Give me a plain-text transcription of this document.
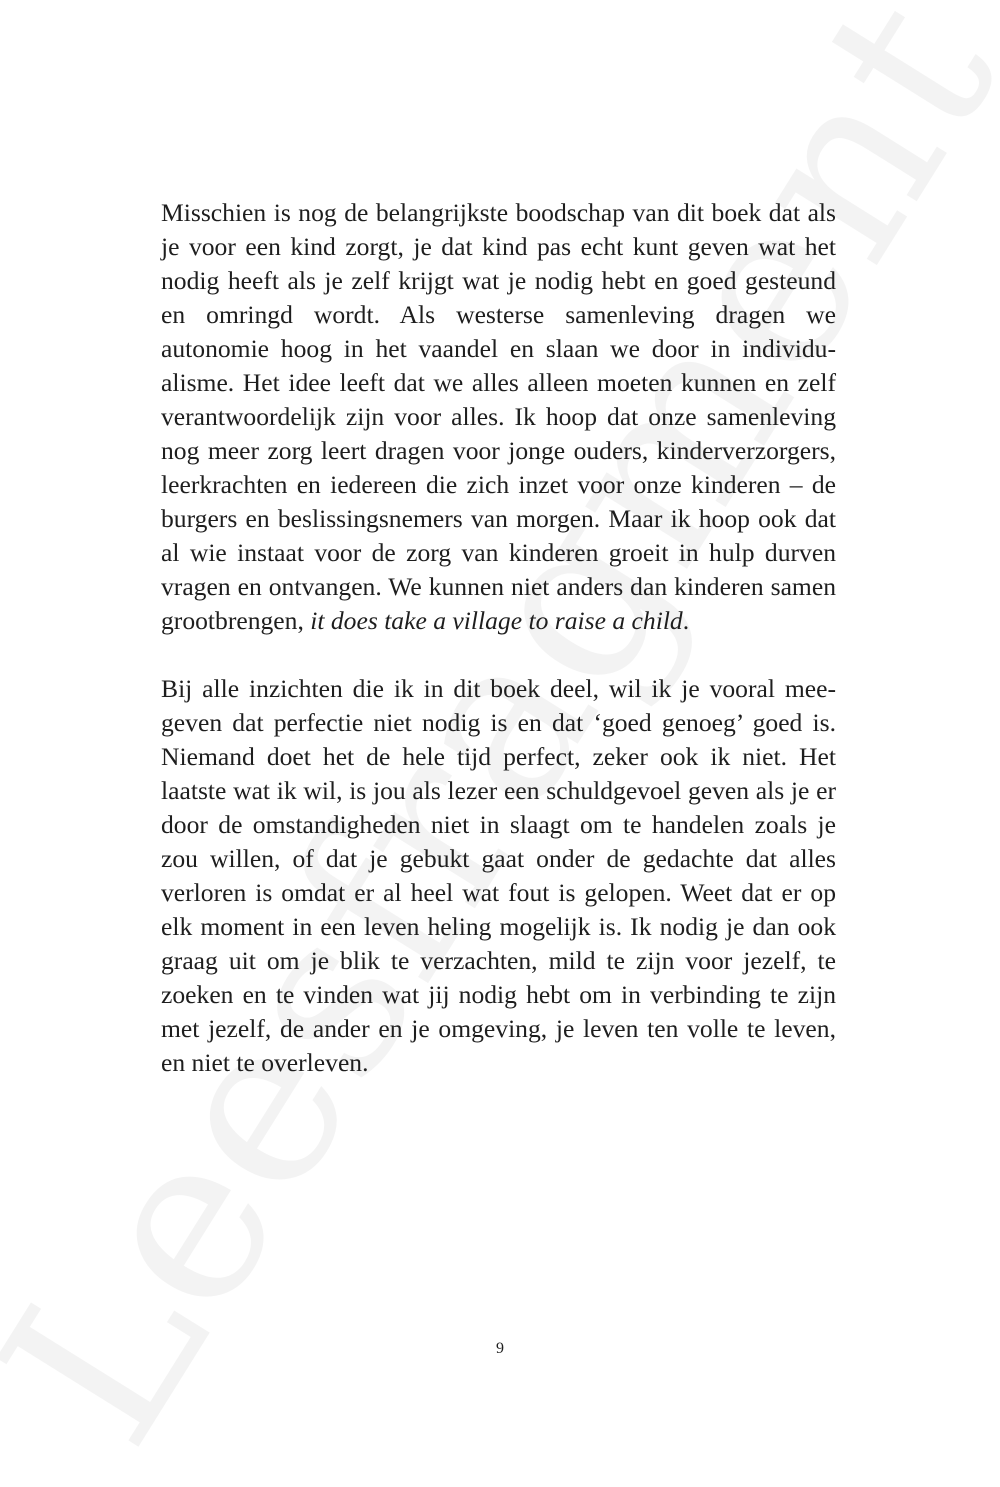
Misschien is nog de belangrijkste boodschap van dit boek dat als je voor een kind zorgt, je dat kind pas echt kunt geven wat het nodig heeft als je zelf krijgt wat je nodig hebt en goed gesteund en omringd wordt. Als westerse samenleving dragen we autonomie hoog in het vaandel en slaan we door in individualisme. Het idee leeft dat we alles alleen moeten kunnen en zelf verantwoordelijk zijn voor alles. Ik hoop dat onze samenleving nog meer zorg leert dragen voor jonge ouders, kinderverzorgers, leerkrachten en iedereen die zich inzet voor onze kinderen – de burgers en beslissingsnemers van morgen. Maar ik hoop ook dat al wie instaat voor de zorg van kinderen groeit in hulp durven vragen en ontvangen. We kunnen niet anders dan kinderen samen grootbrengen, it does take a village to raise a child.

Bij alle inzichten die ik in dit boek deel, wil ik je vooral meegeven dat perfectie niet nodig is en dat ‘goed genoeg’ goed is. Niemand doet het de hele tijd perfect, zeker ook ik niet. Het laatste wat ik wil, is jou als lezer een schuldgevoel geven als je er door de omstandigheden niet in slaagt om te handelen zoals je zou willen, of dat je gebukt gaat onder de gedachte dat alles verloren is omdat er al heel wat fout is gelopen. Weet dat er op elk moment in een leven heling mogelijk is. Ik nodig je dan ook graag uit om je blik te verzachten, mild te zijn voor jezelf, te zoeken en te vinden wat jij nodig hebt om in verbinding te zijn met jezelf, de ander en je omgeving, je leven ten volle te leven, en niet te overleven.

9
